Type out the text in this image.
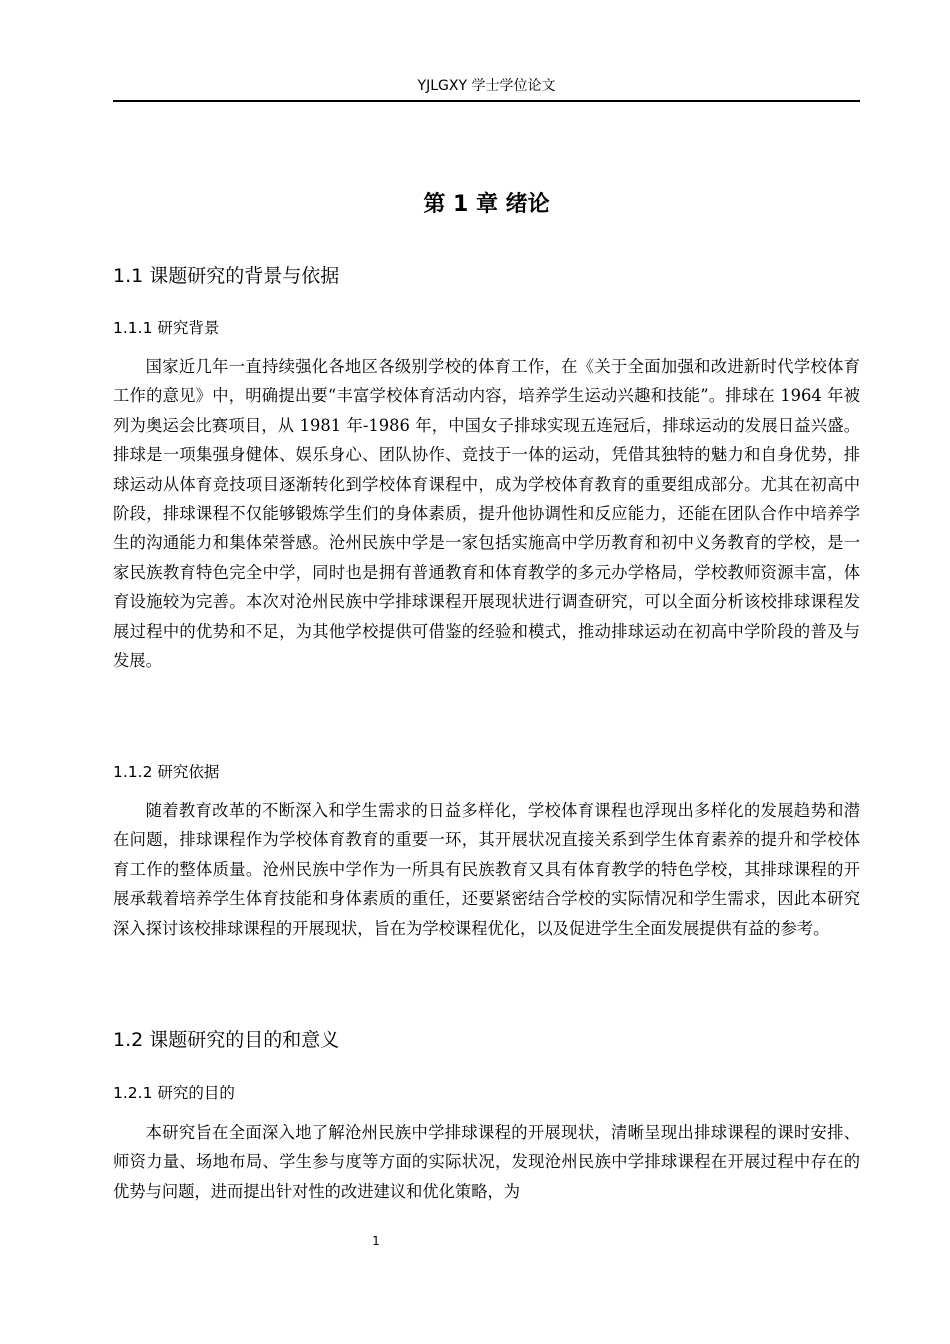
YJLGXY 学士学位论文
第 1 章 绪论
1.1 课题研究的背景与依据
1.1.1 研究背景

国家近几年一直持续强化各地区各级别学校的体育工作，在《关于全面加强和改进新时代学校体育工作的意见》中，明确提出要“丰富学校体育活动内容，培养学生运动兴趣和技能”。排球在 1964 年被列为奥运会比赛项目，从 1981 年-1986 年，中国女子排球实现五连冠后，排球运动的发展日益兴盛。排球是一项集强身健体、娱乐身心、团队协作、竞技于一体的运动，凭借其独特的魅力和自身优势，排球运动从体育竞技项目逐渐转化到学校体育课程中，成为学校体育教育的重要组成部分。尤其在初高中阶段，排球课程不仅能够锻炼学生们的身体素质，提升他协调性和反应能力，还能在团队合作中培养学生的沟通能力和集体荣誉感。沧州民族中学是一家包括实施高中学历教育和初中义务教育的学校，是一家民族教育特色完全中学，同时也是拥有普通教育和体育教学的多元办学格局，学校教师资源丰富，体育设施较为完善。本次对沧州民族中学排球课程开展现状进行调查研究，可以全面分析该校排球课程发展过程中的优势和不足，为其他学校提供可借鉴的经验和模式，推动排球运动在初高中学阶段的普及与发展。

1.1.2 研究依据

随着教育改革的不断深入和学生需求的日益多样化，学校体育课程也浮现出多样化的发展趋势和潜在问题，排球课程作为学校体育教育的重要一环，其开展状况直接关系到学生体育素养的提升和学校体育工作的整体质量。沧州民族中学作为一所具有民族教育又具有体育教学的特色学校，其排球课程的开展承载着培养学生体育技能和身体素质的重任，还要紧密结合学校的实际情况和学生需求，因此本研究深入探讨该校排球课程的开展现状，旨在为学校课程优化，以及促进学生全面发展提供有益的参考。

1.2 课题研究的目的和意义
1.2.1 研究的目的

本研究旨在全面深入地了解沧州民族中学排球课程的开展现状，清晰呈现出排球课程的课时安排、师资力量、场地布局、学生参与度等方面的实际状况，发现沧州民族中学排球课程在开展过程中存在的优势与问题，进而提出针对性的改进建议和优化策略，为

1
